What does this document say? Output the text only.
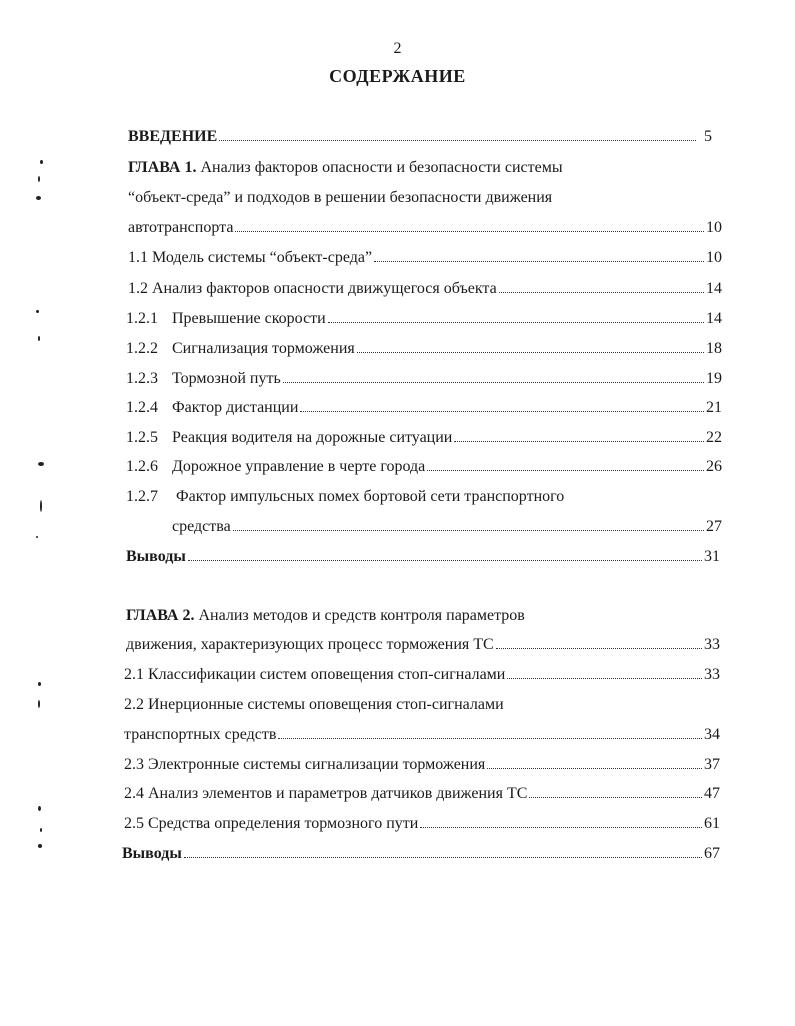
2
СОДЕРЖАНИЕ
ВВЕДЕНИЕ	5
ГЛАВА 1. Анализ факторов опасности и безопасности системы
“объект-среда” и подходов в решении безопасности движения
автотранспорта	10
1.1 Модель системы “объект-среда”	10
1.2 Анализ факторов опасности движущегося объекта	14
1.2.1 Превышение скорости	14
1.2.2 Сигнализация торможения	18
1.2.3 Тормозной путь	19
1.2.4 Фактор дистанции	21
1.2.5 Реакция водителя на дорожные ситуации	22
1.2.6 Дорожное управление в черте города	26
1.2.7 Фактор импульсных помех бортовой сети транспортного
средства	27
Выводы	31
ГЛАВА 2. Анализ методов и средств контроля параметров
движения, характеризующих процесс торможения ТС	33
2.1 Классификации систем оповещения стоп-сигналами	33
2.2 Инерционные системы оповещения стоп-сигналами
транспортных средств	34
2.3 Электронные системы сигнализации торможения	37
2.4 Анализ элементов и параметров датчиков движения ТС	47
2.5 Средства определения тормозного пути	61
Выводы	67
